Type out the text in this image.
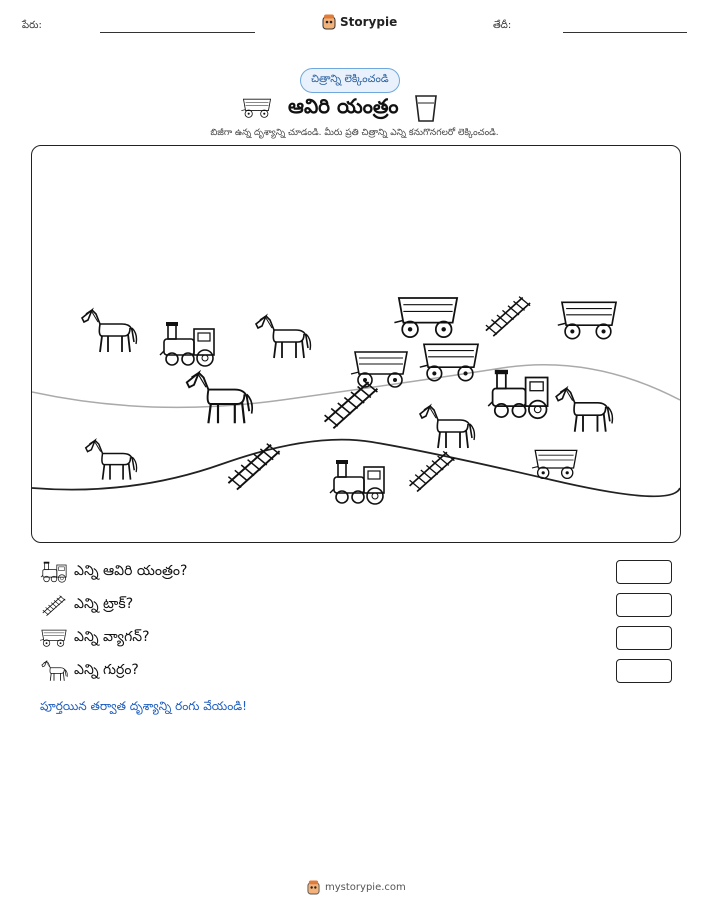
పేరు:	Storypie	తేదీ:
చిత్రాన్ని లెక్కించండి
ఆవిరి యంత్రం
బిజీగా ఉన్న దృశ్యాన్ని చూడండి. మీరు ప్రతి చిత్రాన్ని ఎన్ని కనుగొనగలరో లెక్కించండి.
ఎన్ని ఆవిరి యంత్రం?
ఎన్ని ట్రాక్?
ఎన్ని వ్యాగన్?
ఎన్ని గుర్రం?
పూర్తయిన తర్వాత దృశ్యాన్ని రంగు వేయండి!
mystorypie.com
